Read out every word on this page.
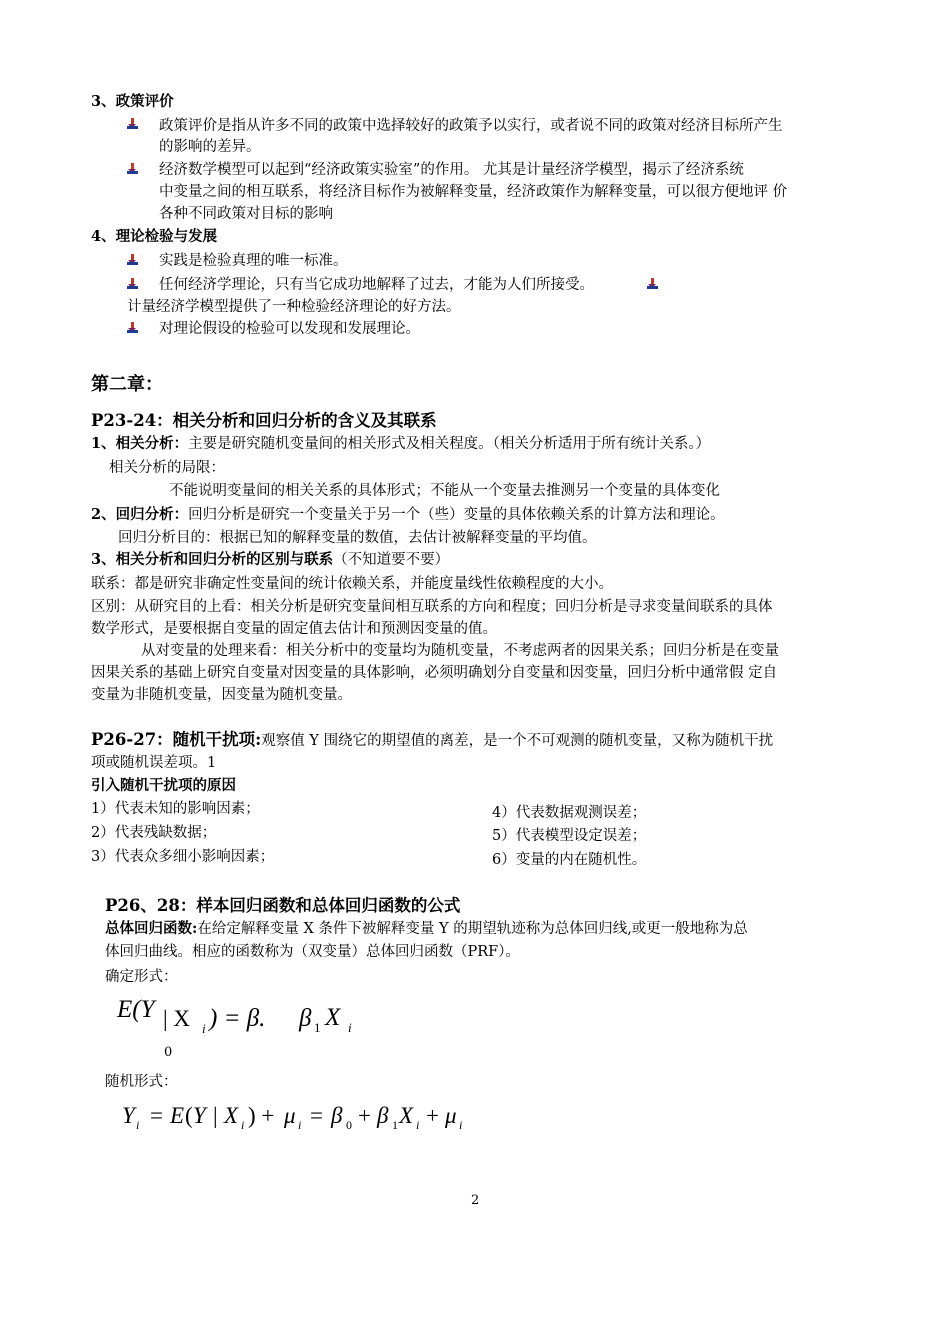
3、政策评价
政策评价是指从许多不同的政策中选择较好的政策予以实行，或者说不同的政策对经济目标所产生
的影响的差异。
经济数学模型可以起到“经济政策实验室”的作用。 尤其是计量经济学模型，揭示了经济系统
中变量之间的相互联系，将经济目标作为被解释变量，经济政策作为解释变量，可以很方便地评 价
各种不同政策对目标的影响
4、理论检验与发展
实践是检验真理的唯一标准。
任何经济学理论，只有当它成功地解释了过去，才能为人们所接受。
计量经济学模型提供了一种检验经济理论的好方法。
对理论假设的检验可以发现和发展理论。
第二章：
P23-24：相关分析和回归分析的含义及其联系
1、相关分析：主要是研究随机变量间的相关形式及相关程度。（相关分析适用于所有统计关系。）
相关分析的局限：
不能说明变量间的相关关系的具体形式；不能从一个变量去推测另一个变量的具体变化
2、回归分析：回归分析是研究一个变量关于另一个（些）变量的具体依赖关系的计算方法和理论。
回归分析目的：根据已知的解释变量的数值，去估计被解释变量的平均值。
3、相关分析和回归分析的区别与联系（不知道要不要）
联系：都是研究非确定性变量间的统计依赖关系，并能度量线性依赖程度的大小。
区别：从研究目的上看：相关分析是研究变量间相互联系的方向和程度；回归分析是寻求变量间联系的具体
数学形式，是要根据自变量的固定值去估计和预测因变量的值。
从对变量的处理来看：相关分析中的变量均为随机变量，不考虑两者的因果关系；回归分析是在变量
因果关系的基础上研究自变量对因变量的具体影响，必须明确划分自变量和因变量，回归分析中通常假 定自
变量为非随机变量，因变量为随机变量。
P26-27：随机干扰项:观察值 Y 围绕它的期望值的离差，是一个不可观测的随机变量，又称为随机干扰
项或随机误差项。1
引入随机干扰项的原因
1）代表未知的影响因素；
2）代表残缺数据；
3）代表众多细小影响因素；
4）代表数据观测误差；
5）代表模型设定误差；
6）变量的内在随机性。
P26、28：样本回归函数和总体回归函数的公式
总体回归函数:在给定解释变量 X 条件下被解释变量 Y 的期望轨迹称为总体回归线,或更一般地称为总
体回归曲线。相应的函数称为（双变量）总体回归函数（PRF）。
确定形式：
E(Y | X i ) = β. β 1 X i
0
随机形式：
Y i = E ( Y | X i ) + μ i = β 0 + β 1 X i + μ i
2
